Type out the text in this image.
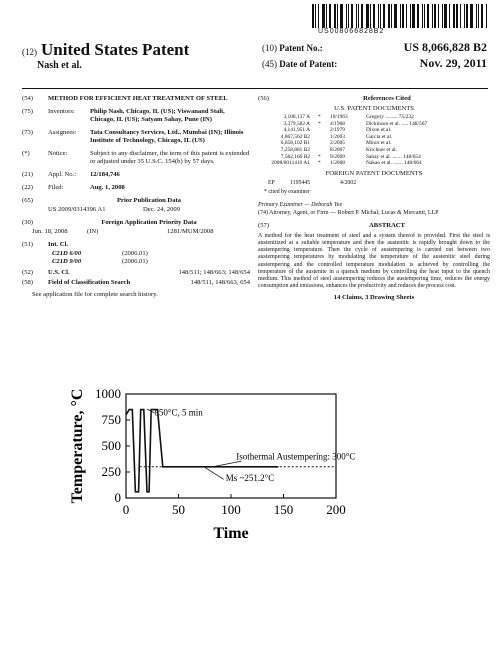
US008066828B2
(12) United States Patent
Nash et al.
(10) Patent No.:	US 8,066,828 B2
(45) Date of Patent:	Nov. 29, 2011
(54)	METHOD FOR EFFICIENT HEAT TREATMENT OF STEEL
(75)	Inventors:	Philip Nash, Chicago, IL (US); Viswanand Stali, Chicago, IL (US); Satyam Sahay, Pune (IN)
(73)	Assignees:	Tata Consultancy Services, Ltd., Mumbai (IN); Illinois Institute of Technology, Chicago, IL (US)
(*)	Notice:	Subject to any disclaimer, the term of this patent is extended or adjusted under 35 U.S.C. 154(b) by 57 days.
(21)	Appl. No.:	12/184,746
(22)	Filed:	Aug. 1, 2008
(65)	Prior Publication Data
US 2009/0314396 A1	Dec. 24, 2009
(30)	Foreign Application Priority Data
Jun. 18, 2008	(IN)	1281/MUM/2008
(51)	Int. Cl.
C21D 6/00	(2006.01)
C21D 9/00	(2006.01)
(52)	U.S. Cl.	148/511; 148/663; 148/654
(58)	Field of Classification Search	148/511, 148/663, 654
See application file for complete search history.
(56)	References Cited
U.S. PATENT DOCUMENTS
3,108,137 A *	10/1963	Gregory ......... 75/232
3,379,582 A *	4/1968	Dickinson et al. ..... 148/567
4,141,951 A	2/1979	Dixon et al.
4,867,562 B2	1/2003	Garcia et al.
6,858,102 B1	2/2005	Minor et al.
7,258,881 B2	8/2007	Kirchner et al.
7,582,166 B2 *	9/2009	Sahay et al. ....... 148/654
2008/0011410 A1 *	1/2008	Nakao et al. ....... 148/664
FOREIGN PATENT DOCUMENTS
EP	1195445	4/2002
* cited by examiner
Primary Examiner — Deborah Yee
(74) Attorney, Agent, or Firm — Robert P. Michal; Lucas & Mercanti, LLP
(57)	ABSTRACT
A method for the heat treatment of steel and a system thereof is provided. First the steel is austenitized at a suitable temperature and then the austenitic is rapidly brought down to the austempering temperature. Then the cycle of austempering is carried out between two austempering temperatures by modulating the temperature of the austenitic steel during austempering and the controlled temperature modulation is achieved by controlling the temperature of the austenite in a quench medium by controlling the heat input to the quench medium. This method of steel austempering reduces the austempering time, reduces the energy consumption and emissions, enhances the productivity and reduces the process cost.
14 Claims, 3 Drawing Sheets
0	50	100	150	200
0
250
500
750
1000
Time
Temperature, °C	850°C, 5 min
Isothermal Austempering: 300°C
Ms ~251.2°C
